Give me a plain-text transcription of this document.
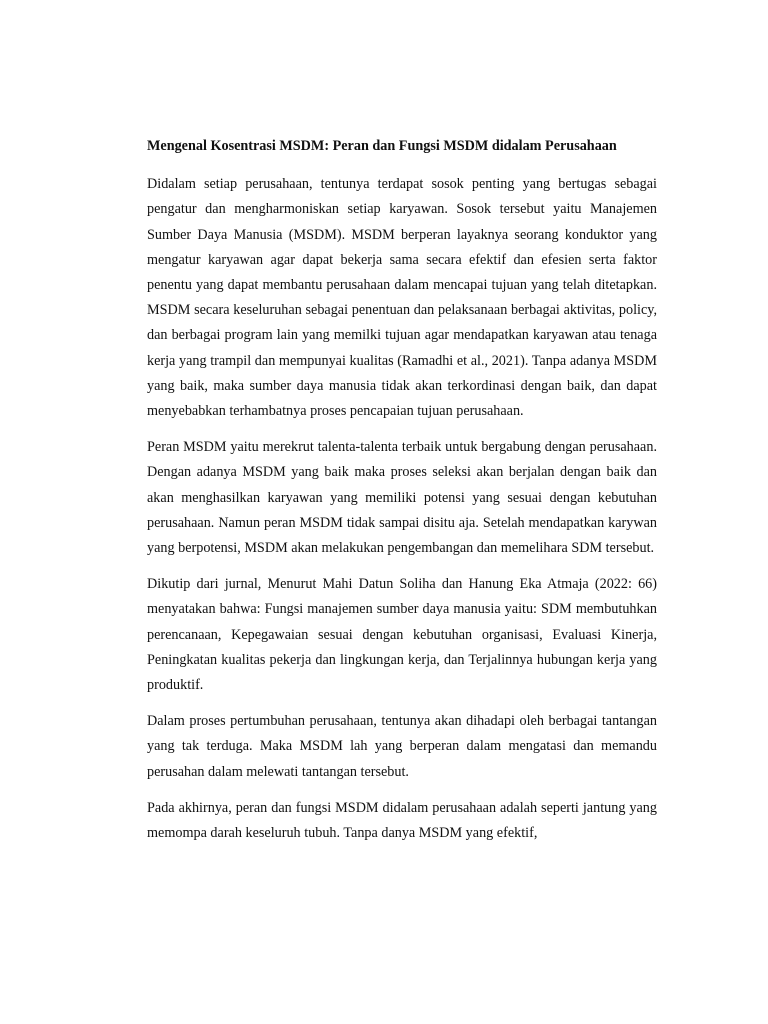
Mengenal Kosentrasi MSDM: Peran dan Fungsi MSDM didalam Perusahaan

Didalam setiap perusahaan, tentunya terdapat sosok penting yang bertugas sebagai pengatur dan mengharmoniskan setiap karyawan. Sosok tersebut yaitu Manajemen Sumber Daya Manusia (MSDM). MSDM berperan layaknya seorang konduktor yang mengatur karyawan agar dapat bekerja sama secara efektif dan efesien serta faktor penentu yang dapat membantu perusahaan dalam mencapai tujuan yang telah ditetapkan. MSDM secara keseluruhan sebagai penentuan dan pelaksanaan berbagai aktivitas, policy, dan berbagai program lain yang memilki tujuan agar mendapatkan karyawan atau tenaga kerja yang trampil dan mempunyai kualitas (Ramadhi et al., 2021). Tanpa adanya MSDM yang baik, maka sumber daya manusia tidak akan terkordinasi dengan baik, dan dapat menyebabkan terhambatnya proses pencapaian tujuan perusahaan.

Peran MSDM yaitu merekrut talenta-talenta terbaik untuk bergabung dengan perusahaan. Dengan adanya MSDM yang baik maka proses seleksi akan berjalan dengan baik dan akan menghasilkan karyawan yang memiliki potensi yang sesuai dengan kebutuhan perusahaan. Namun peran MSDM tidak sampai disitu aja. Setelah mendapatkan karywan yang berpotensi, MSDM akan melakukan pengembangan dan memelihara SDM tersebut.

Dikutip dari jurnal, Menurut Mahi Datun Soliha dan Hanung Eka Atmaja (2022: 66) menyatakan bahwa: Fungsi manajemen sumber daya manusia yaitu: SDM membutuhkan perencanaan, Kepegawaian sesuai dengan kebutuhan organisasi, Evaluasi Kinerja, Peningkatan kualitas pekerja dan lingkungan kerja, dan Terjalinnya hubungan kerja yang produktif.

Dalam proses pertumbuhan perusahaan, tentunya akan dihadapi oleh berbagai tantangan yang tak terduga. Maka MSDM lah yang berperan dalam mengatasi dan memandu perusahan dalam melewati tantangan tersebut.

Pada akhirnya, peran dan fungsi MSDM didalam perusahaan adalah seperti jantung yang memompa darah keseluruh tubuh. Tanpa danya MSDM yang efektif,
